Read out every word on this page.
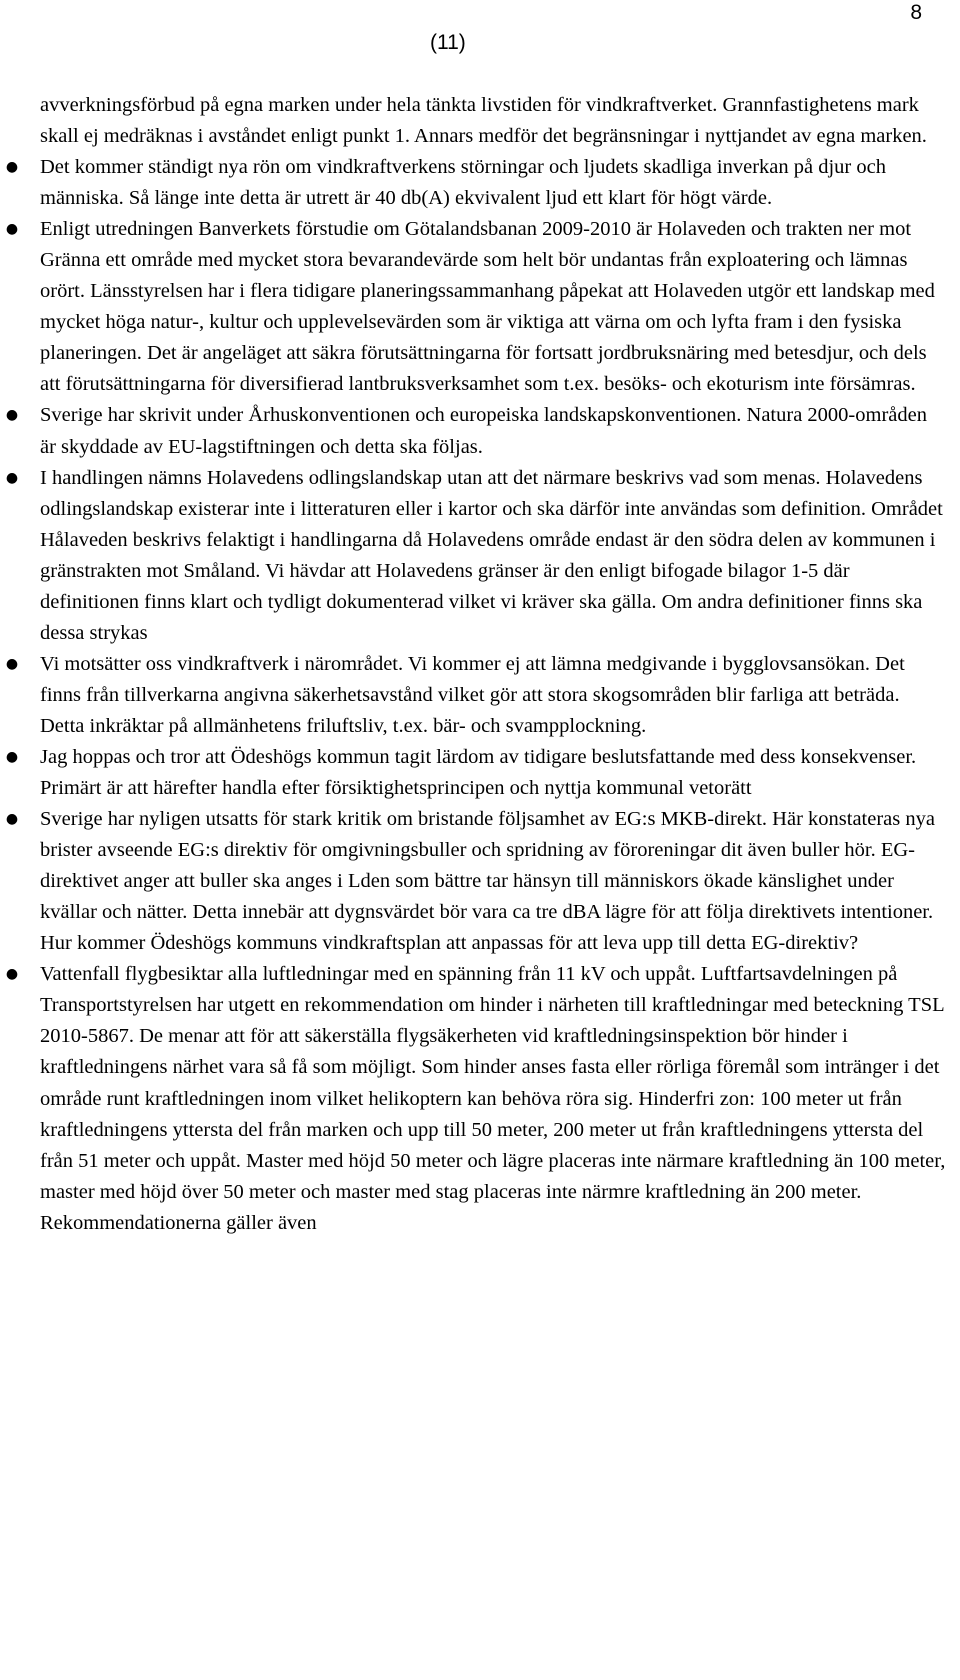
8
(11)

avverkningsförbud på egna marken under hela tänkta livstiden för vindkraftverket. Grannfastighetens mark skall ej medräknas i avståndet enligt punkt 1. Annars medför det begränsningar i nyttjandet av egna marken.

● Det kommer ständigt nya rön om vindkraftverkens störningar och ljudets skadliga inverkan på djur och människa. Så länge inte detta är utrett är 40 db(A) ekvivalent ljud ett klart för högt värde.
● Enligt utredningen Banverkets förstudie om Götalandsbanan 2009-2010 är Holaveden och trakten ner mot Gränna ett område med mycket stora bevarandevärde som helt bör undantas från exploatering och lämnas orört. Länsstyrelsen har i flera tidigare planeringssammanhang påpekat att Holaveden utgör ett landskap med mycket höga natur-, kultur och upplevelsevärden som är viktiga att värna om och lyfta fram i den fysiska planeringen. Det är angeläget att säkra förutsättningarna för fortsatt jordbruksnäring med betesdjur, och dels att förutsättningarna för diversifierad lantbruksverksamhet som t.ex. besöks- och ekoturism inte försämras.
● Sverige har skrivit under Århuskonventionen och europeiska landskapskonventionen. Natura 2000-områden är skyddade av EU-lagstiftningen och detta ska följas.
● I handlingen nämns Holavedens odlingslandskap utan att det närmare beskrivs vad som menas. Holavedens odlingslandskap existerar inte i litteraturen eller i kartor och ska därför inte användas som definition. Området Hålaveden beskrivs felaktigt i handlingarna då Holavedens område endast är den södra delen av kommunen i gränstrakten mot Småland. Vi hävdar att Holavedens gränser är den enligt bifogade bilagor 1-5 där definitionen finns klart och tydligt dokumenterad vilket vi kräver ska gälla. Om andra definitioner finns ska dessa strykas
● Vi motsätter oss vindkraftverk i närområdet. Vi kommer ej att lämna medgivande i bygglovsansökan. Det finns från tillverkarna angivna säkerhetsavstånd vilket gör att stora skogsområden blir farliga att beträda. Detta inkräktar på allmänhetens friluftsliv, t.ex. bär- och svampplockning.
● Jag hoppas och tror att Ödeshögs kommun tagit lärdom av tidigare beslutsfattande med dess konsekvenser. Primärt är att härefter handla efter försiktighetsprincipen och nyttja kommunal vetorätt
● Sverige har nyligen utsatts för stark kritik om bristande följsamhet av EG:s MKB-direkt. Här konstateras nya brister avseende EG:s direktiv för omgivningsbuller och spridning av föroreningar dit även buller hör. EG-direktivet anger att buller ska anges i Lden som bättre tar hänsyn till människors ökade känslighet under kvällar och nätter. Detta innebär att dygnsvärdet bör vara ca tre dBA lägre för att följa direktivets intentioner. Hur kommer Ödeshögs kommuns vindkraftsplan att anpassas för att leva upp till detta EG-direktiv?
● Vattenfall flygbesiktar alla luftledningar med en spänning från 11 kV och uppåt. Luftfartsavdelningen på Transportstyrelsen har utgett en rekommendation om hinder i närheten till kraftledningar med beteckning TSL 2010-5867. De menar att för att säkerställa flygsäkerheten vid kraftledningsinspektion bör hinder i kraftledningens närhet vara så få som möjligt. Som hinder anses fasta eller rörliga föremål som intränger i det område runt kraftledningen inom vilket helikoptern kan behöva röra sig. Hinderfri zon: 100 meter ut från kraftledningens yttersta del från marken och upp till 50 meter, 200 meter ut från kraftledningens yttersta del från 51 meter och uppåt. Master med höjd 50 meter och lägre placeras inte närmare kraftledning än 100 meter, master med höjd över 50 meter och master med stag placeras inte närmre kraftledning än 200 meter. Rekommendationerna gäller även
